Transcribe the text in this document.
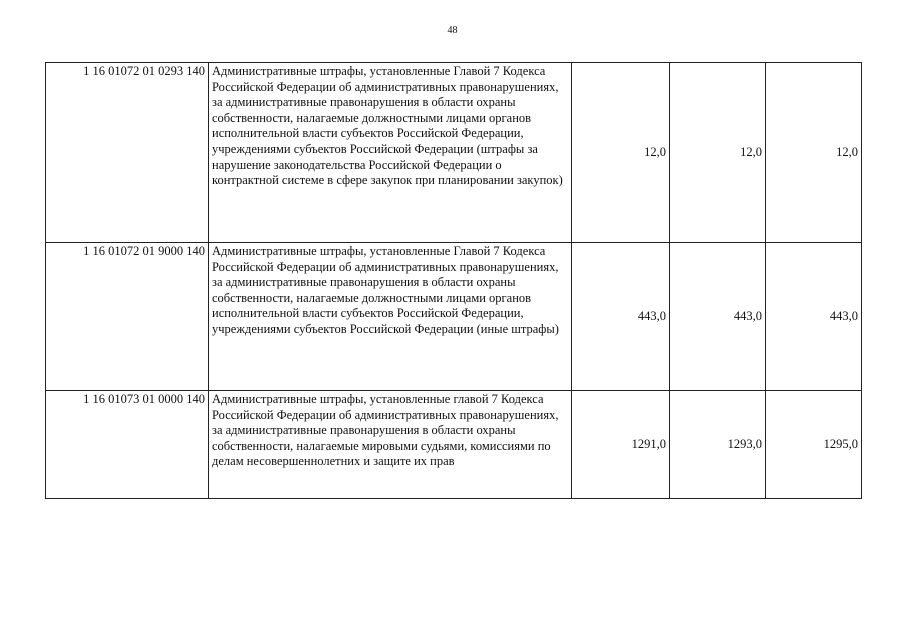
48
1 16 01072 01 0293 140	Административные штрафы, установленные Главой 7 Кодекса Российской Федерации об административных правонарушениях, за административные правонарушения в области охраны собственности, налагаемые должностными лицами органов исполнительной власти субъектов Российской Федерации, учреждениями субъектов Российской Федерации (штрафы за нарушение законодательства Российской Федерации о контрактной системе в сфере закупок при планировании закупок)	12,0	12,0	12,0
1 16 01072 01 9000 140	Административные штрафы, установленные Главой 7 Кодекса Российской Федерации об административных правонарушениях, за административные правонарушения в области охраны собственности, налагаемые должностными лицами органов исполнительной власти субъектов Российской Федерации, учреждениями субъектов Российской Федерации (иные штрафы)	443,0	443,0	443,0
1 16 01073 01 0000 140	Административные штрафы, установленные главой 7 Кодекса Российской Федерации об административных правонарушениях, за административные правонарушения в области охраны собственности, налагаемые мировыми судьями, комиссиями по делам несовершеннолетних и защите их прав	1291,0	1293,0	1295,0
